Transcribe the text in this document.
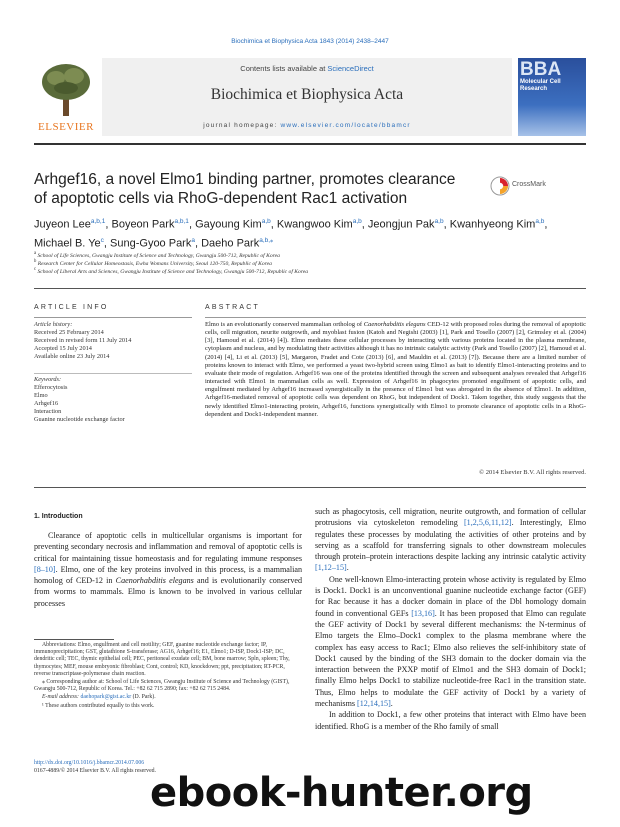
Biochimica et Biophysica Acta 1843 (2014) 2438–2447
ELSEVIER
Contents lists available at ScienceDirect
Biochimica et Biophysica Acta
journal homepage: www.elsevier.com/locate/bbamcr
BBA
Molecular Cell
Research
Arhgef16, a novel Elmo1 binding partner, promotes clearance of apoptotic cells via RhoG-dependent Rac1 activation
CrossMark
Juyeon Lee$^{a,b,1}$, Boyeon Park$^{a,b,1}$, Gayoung Kim$^{a,b}$, Kwangwoo Kim$^{a,b}$, Jeongjun Pak$^{a,b}$, Kwanhyeong Kim$^{a,b}$, Michael B. Ye$^c$, Sung-Gyoo Park$^a$, Daeho Park$^{a,b,⁎}$
$^a$ School of Life Sciences, Gwangju Institute of Science and Technology, Gwangju 500-712, Republic of Korea
$^b$ Research Center for Cellular Homeostasis, Ewha Womans University, Seoul 120-750, Republic of Korea
$^c$ School of Liberal Arts and Sciences, Gwangju Institute of Science and Technology, Gwangju 500-712, Republic of Korea
ARTICLE INFO
Article history:
Received 25 February 2014
Received in revised form 11 July 2014
Accepted 15 July 2014
Available online 23 July 2014
Keywords:
Efferocytosis
Elmo
Arhgef16
Interaction
Guanine nucleotide exchange factor
ABSTRACT
Elmo is an evolutionarily conserved mammalian ortholog of Caenorhabditis elegans CED-12 with proposed roles during the removal of apoptotic cells, cell migration, neurite outgrowth, and myoblast fusion (Katoh and Negishi (2003) [1], Park and Tosello (2007) [2], Grimsley et al. (2004) [3], Hamoud et al. (2014) [4]). Elmo mediates these cellular processes by interacting with various proteins located in the plasma membrane, cytoplasm and nucleus, and by modulating their activities although it has no intrinsic catalytic activity (Park and Tosello (2007) [2], Hamoud et al. (2014) [4], Li et al. (2013) [5], Margaron, Fradet and Cote (2013) [6], and Mauldin et al. (2013) [7]). Because there are a limited number of proteins known to interact with Elmo, we performed a yeast two-hybrid screen using Elmo1 as bait to identify Elmo1-interacting proteins and to evaluate their mode of regulation. Arhgef16 was one of the proteins identified through the screen and subsequent analyses revealed that Arhgef16 interacted with Elmo1 in mammalian cells as well. Expression of Arhgef16 in phagocytes promoted engulfment of apoptotic cells, and engulfment mediated by Arhgef16 increased synergistically in the presence of Elmo1 but was abrogated in the absence of Elmo1. In addition, Arhgef16-mediated removal of apoptotic cells was dependent on RhoG, but independent of Dock1. Taken together, this study suggests that the newly identified Elmo1-interacting protein, Arhgef16, functions synergistically with Elmo1 to promote clearance of apoptotic cells in a RhoG-dependent and Dock1-independent manner.
© 2014 Elsevier B.V. All rights reserved.
1. Introduction

Clearance of apoptotic cells in multicellular organisms is important for preventing secondary necrosis and inflammation and removal of apoptotic cells is critical for maintaining tissue homeostasis and for regulating immune responses [8–10]. Elmo, one of the key proteins involved in this process, is a mammalian homolog of CED-12 in Caenorhabditis elegans and is evolutionarily conserved from worms to mammals. Elmo is known to be involved in various cellular processes

such as phagocytosis, cell migration, neurite outgrowth, and formation of cellular protrusions via cytoskeleton remodeling [1,2,5,6,11,12]. Interestingly, Elmo regulates these processes by modulating the activities of other proteins and by serving as a scaffold for transferring signals to other downstream molecules through protein–protein interactions despite lacking any intrinsic catalytic activity [1,12–15].

One well-known Elmo-interacting protein whose activity is regulated by Elmo is Dock1. Dock1 is an unconventional guanine nucleotide exchange factor (GEF) for Rac because it has a docker domain in place of the Dbl homology domain found in conventional GEFs [13,16]. It has been proposed that Elmo can regulate the GEF activity of Dock1 by several different mechanisms: the N-terminus of Elmo targets the Elmo–Dock1 complex to the plasma membrane where the complex has easy access to Rac1; Elmo also relieves the self-inhibitory state of Dock1 caused by the binding of the SH3 domain to the docker domain via the interaction between the PXXP motif of Elmo1 and the SH3 domain of Dock1; finally Elmo helps Dock1 to stabilize nucleotide-free Rac1 in the transition state. Thus, Elmo helps to modulate the GEF activity of Dock1 by a variety of mechanisms [12,14,15].

In addition to Dock1, a few other proteins that interact with Elmo have been identified. RhoG is a member of the Rho family of small

Abbreviations: Elmo, engulfment and cell motility; GEF, guanine nucleotide exchange factor; IP, immunoprecipitation; GST, glutathione S-transferase; AG16, Arhgef16; E1, Elmo1; D-ISP, Dock1-ISP; DC, dendritic cell; TEC, thymic epithelial cell; PEC, peritoneal exudate cell; BM, bone marrow; Spln, spleen; Thy, thymocytes; MEF, mouse embryonic fibroblast; Cont, control; KD, knockdown; ppt, precipitation; RT-PCR, reverse transcriptase-polymerase chain reaction.

⁎ Corresponding author at: School of Life Sciences, Gwangju Institute of Science and Technology (GIST), Gwangju 500-712, Republic of Korea. Tel.: +82 62 715 2890; fax: +82 62 715 2484.

E-mail address: daehopark@gist.ac.kr (D. Park).

¹ These authors contributed equally to this work.

http://dx.doi.org/10.1016/j.bbamcr.2014.07.006
0167-4889/© 2014 Elsevier B.V. All rights reserved.
ebook-hunter.org
